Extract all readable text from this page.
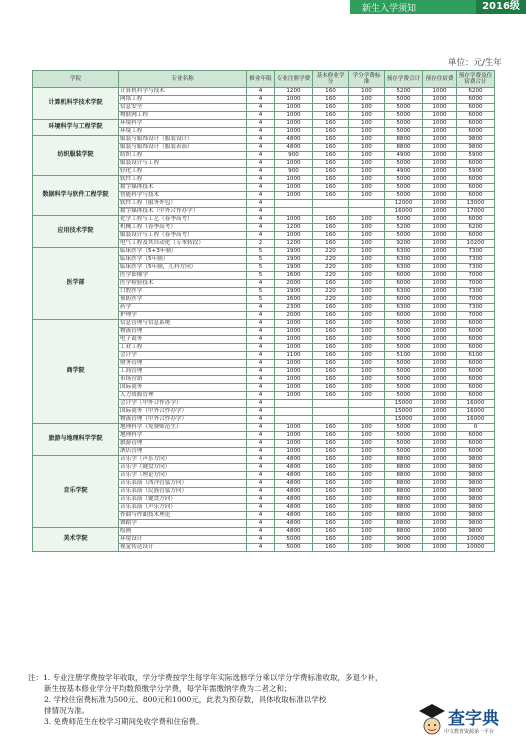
新生入学须知	2016级
单位：元/生年
学院	专业名称	修业年限	专业注册学费	基本修业学分	学分学费标准	预存学费合计	预存住宿费	预存学费及住宿费合计
计算机科学技术学院	计算机科学与技术	4	1200	160	100	5200	1000	6200
	网络工程	4	1000	160	100	5000	1000	6000
	信息安全	4	1000	160	100	5000	1000	6000
	物联网工程	4	1000	160	100	5000	1000	6000
环境科学与工程学院	环境科学	4	1000	160	100	5000	1000	6000
	环境工程	4	1000	160	100	5000	1000	6000
纺织服装学院	服装与服饰设计（服装设计）	4	4800	160	100	8800	1000	9800
	服装与服饰设计（服装表演）	4	4800	160	100	8800	1000	9800
	纺织工程	4	900	160	100	4900	1000	5900
	服装设计与工程	4	1000	160	100	5000	1000	6000
	轻化工程	4	900	160	100	4900	1000	5900
数据科学与软件工程学院	软件工程	4	1000	160	100	5000	1000	6000
	数字媒体技术	4	1000	160	100	5000	1000	6000
	智能科学与技术	4	1000	160	100	5000	1000	6000
	软件工程（服务外包）	4				12000	1000	13000
	数字媒体技术（中外合作办学）	4				16000	1000	17000
应用技术学院	化学工程与工艺（春季高考）	4	1000	160	100	5000	1000	6000
	机械工程（春季高考）	4	1200	160	100	5200	1000	6200
	服装设计与工程（春季高考）	4	1000	160	100	5000	1000	6000
	电气工程及其自动化（专本转段）	2	1200	160	100	9200	1000	10200
医学部	临床医学（5+3年制）	5	1900	220	100	6300	1000	7300
	临床医学（5年制）	5	1900	220	100	6300	1000	7300
	临床医学（5年制，儿科方向）	5	1900	220	100	6300	1000	7300
	医学影像学	5	1600	220	100	6000	1000	7000
	医学检验技术	4	2000	160	100	6000	1000	7000
	口腔医学	5	1900	220	100	6300	1000	7300
	预防医学	5	1600	220	100	6000	1000	7000
	药学	4	2300	160	100	6300	1000	7300
	护理学	4	2000	160	100	6000	1000	7000
商学院	信息管理与信息系统	4	1000	160	100	5000	1000	6000
	物流管理	4	1000	160	100	5000	1000	6000
	电子商务	4	1000	160	100	5000	1000	6000
	工业工程	4	1000	160	100	5000	1000	6000
	会计学	4	1100	160	100	5100	1000	6100
	财务管理	4	1000	160	100	5000	1000	6000
	工商管理	4	1000	160	100	5000	1000	6000
	市场营销	4	1000	160	100	5000	1000	6000
	国际商务	4	1000	160	100	5000	1000	6000
	人力资源管理	4	1000	160	100	5000	1000	6000
	会计学（中外合作办学）	4				15000	1000	16000
	国际商务（中外合作办学）	4				15000	1000	16000
	物流管理（中外合作办学）	4				15000	1000	16000
旅游与地理科学学院	地理科学（免费师范生）	4	1000	160	100	5000	1000	0
	地理科学	4	1000	160	100	5000	1000	6000
	旅游管理	4	1000	160	100	5000	1000	6000
	酒店管理	4	1000	160	100	5000	1000	6000
音乐学院	音乐学（声乐方向）	4	4800	160	100	8800	1000	9800
	音乐学（键盘方向）	4	4800	160	100	8800	1000	9800
	音乐学（理论方向）	4	4800	160	100	8800	1000	9800
	音乐表演（西洋管弦方向）	4	4800	160	100	8800	1000	9800
	音乐表演（民族管弦方向）	4	4800	160	100	8800	1000	9800
	音乐表演（键盘方向）	4	4800	160	100	8800	1000	9800
	音乐表演（声乐方向）	4	4800	160	100	8800	1000	9800
	作曲与作曲技术理论	4	4800	160	100	8800	1000	9800
	舞蹈学	4	4800	160	100	8800	1000	9800
美术学院	绘画	4	4800	160	100	8800	1000	9800
	环境设计	4	5000	160	100	9000	1000	10000
	视觉传达设计	4	5000	160	100	9000	1000	10000
注：1. 专业注册学费按学年收取，学分学费按学生每学年实际选修学分乘以学分学费标准收取，多退少补，
新生按基本修业学分平均数预缴学分学费，每学年需缴纳学费为二者之和；
2. 学校住宿费标准为500元、800元和1000元，此表为预存数，具体收取标准以学校
排情况为准。
3. 免费师范生在校学习期间免收学费和住宿费。	查字典
中文教育资源第一平台
